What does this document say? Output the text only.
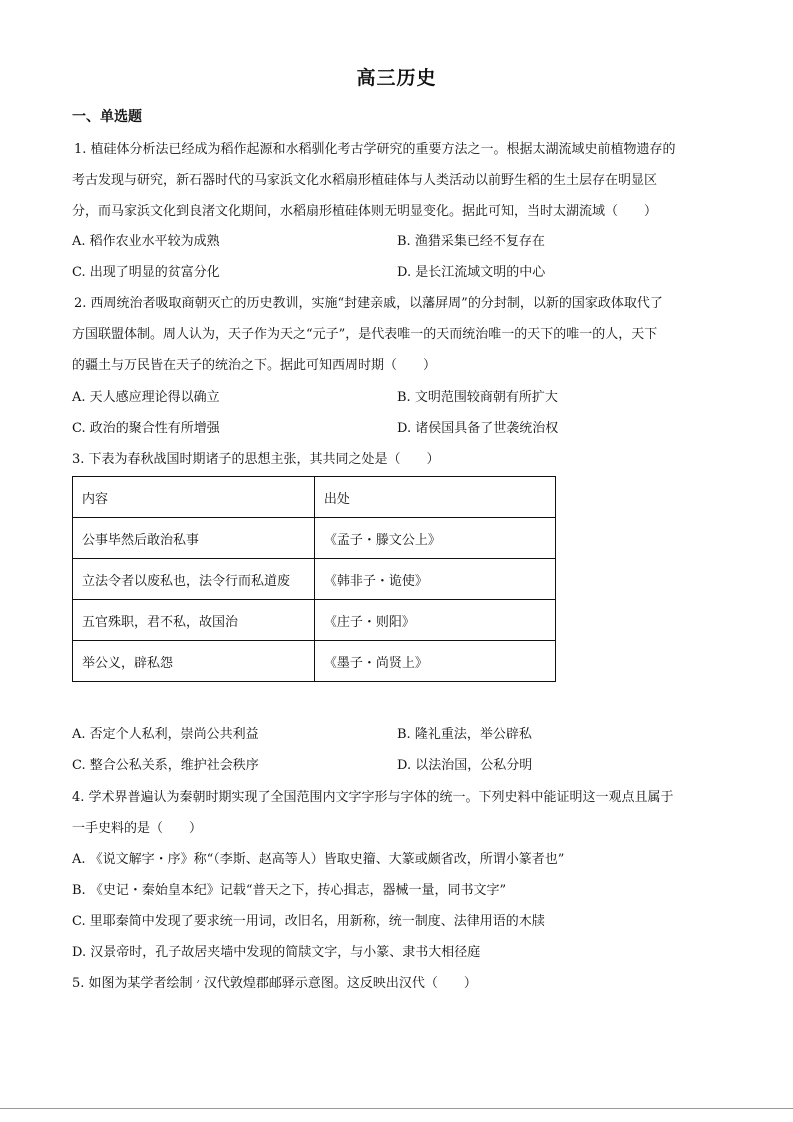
高三历史
一、单选题
1. 植硅体分析法已经成为稻作起源和水稻驯化考古学研究的重要方法之一。根据太湖流域史前植物遗存的
考古发现与研究，新石器时代的马家浜文化水稻扇形植硅体与人类活动以前野生稻的生土层存在明显区
分，而马家浜文化到良渚文化期间，水稻扇形植硅体则无明显变化。据此可知，当时太湖流域（　　）
A. 稻作农业水平较为成熟	B. 渔猎采集已经不复存在
C. 出现了明显的贫富分化	D. 是长江流域文明的中心
2. 西周统治者吸取商朝灭亡的历史教训，实施“封建亲戚，以藩屏周”的分封制，以新的国家政体取代了
方国联盟体制。周人认为，天子作为天之“元子”，是代表唯一的天而统治唯一的天下的唯一的人，天下
的疆土与万民皆在天子的统治之下。据此可知西周时期（　　）
A. 天人感应理论得以确立	B. 文明范围较商朝有所扩大
C. 政治的聚合性有所增强	D. 诸侯国具备了世袭统治权
3. 下表为春秋战国时期诸子的思想主张，其共同之处是（　　）
内容	出处
公事毕然后敢治私事	《孟子・滕文公上》
立法令者以废私也，法令行而私道废	《韩非子・诡使》
五官殊职，君不私，故国治	《庄子・则阳》
举公义，辟私怨	《墨子・尚贤上》
A. 否定个人私利，崇尚公共利益	B. 隆礼重法，举公辟私
C. 整合公私关系，维护社会秩序	D. 以法治国，公私分明
4. 学术界普遍认为秦朝时期实现了全国范围内文字字形与字体的统一。下列史料中能证明这一观点且属于
一手史料的是（　　）
A. 《说文解字・序》称“（李斯、赵高等人）皆取史籀、大篆或颇省改，所谓小篆者也”
B. 《史记・秦始皇本纪》记载“普天之下，抟心揖志，器械一量，同书文字”
C. 里耶秦简中发现了要求统一用词，改旧名，用新称，统一制度、法律用语的木牍
D. 汉景帝时，孔子故居夹墙中发现的简牍文字，与小篆、隶书大相径庭
5. 如图为某学者绘制 ׳ 汉代敦煌郡邮驿示意图。这反映出汉代（　　）
